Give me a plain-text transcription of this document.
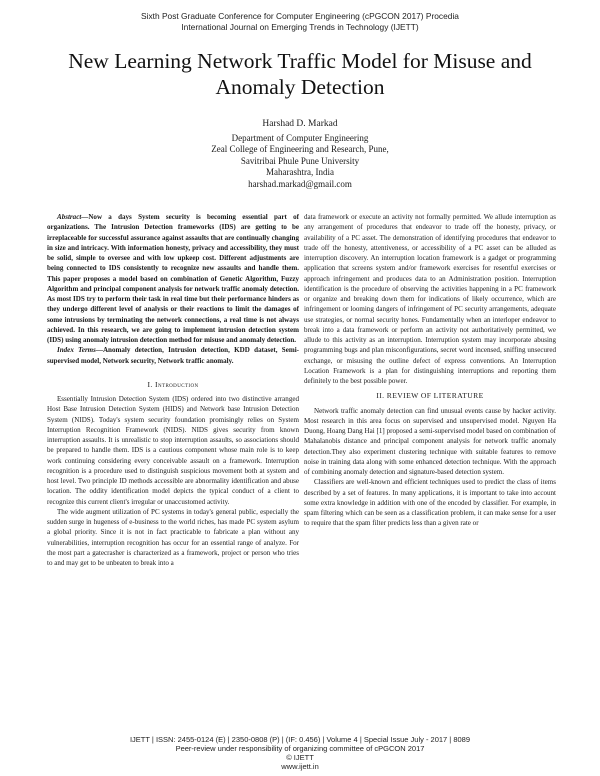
Sixth Post Graduate Conference for Computer Engineering (cPGCON 2017) Procedia
International Journal on Emerging Trends in Technology (IJETT)
New Learning Network Traffic Model for Misuse and Anomaly Detection
Harshad D. Markad
Department of Computer Engineering
Zeal College of Engineering and Research, Pune,
Savitribai Phule Pune University
Maharashtra, India
harshad.markad@gmail.com

Abstract—Now a days System security is becoming essential part of organizations. The Intrusion Detection frameworks (IDS) are getting to be irreplaceable for successful assurance against assaults that are continually changing in size and intricacy. With information honesty, privacy and accessibility, they must be solid, simple to oversee and with low upkeep cost. Different adjustments are being connected to IDS consistently to recognize new assaults and handle them. This paper proposes a model based on combination of Genetic Algorithm, Fuzzy Algorithm and principal component analysis for network traffic anomaly detection. As most IDS try to perform their task in real time but their performance hinders as they undergo different level of analysis or their reactions to limit the damages of some intrusions by terminating the network connections, a real time is not always achieved. In this research, we are going to implement intrusion detection system (IDS) using anomaly intrusion detection method for misuse and anomaly detection.

Index Terms—Anomaly detection, Intrusion detection, KDD dataset, Semi-supervised model, Network security, Network traffic anomaly.

I. Introduction

Essentially Intrusion Detection System (IDS) ordered into two distinctive arranged Host Base Intrusion Detection System (HIDS) and Network base Intrusion Detection System (NIDS). Today's system security foundation promisingly relies on System Interruption Recognition Framework (NIDS). NIDS gives security from known interruption assaults. It is unrealistic to stop interruption assaults, so associations should be prepared to handle them. IDS is a cautious component whose main role is to keep work continuing considering every conceivable assault on a framework. Interruption recognition is a procedure used to distinguish suspicious movement both at system and host level. Two principle ID methods accessible are abnormality identification and abuse location. The oddity identification model depicts the typical conduct of a client to recognize this current client's irregular or unaccustomed activity.

The wide augment utilization of PC systems in today's general public, especially the sudden surge in hugeness of e-business to the world riches, has made PC system asylum a global priority. Since it is not in fact practicable to fabricate a plan without any vulnerabilities, interruption recognition has occur for an essential range of analyze. For the most part a gatecrasher is characterized as a framework, project or person who tries to and may get to be unbeaten to break into a

data framework or execute an activity not formally permitted. We allude interruption as any arrangement of procedures that endeavor to trade off the honesty, privacy, or availability of a PC asset. The demonstration of identifying procedures that endeavor to trade off the honesty, attentiveness, or accessibility of a PC asset can be alluded as interruption discovery. An interruption location framework is a gadget or programming application that screens system and/or framework exercises for resentful exercises or approach infringement and produces data to an Administration position. Interruption identification is the procedure of observing the activities happening in a PC framework or organize and breaking down them for indications of likely occurrence, which are infringement or looming dangers of infringement of PC security arrangements, adequate use strategies, or normal security hones. Fundamentally when an interloper endeavor to break into a data framework or perform an activity not authoritatively permitted, we allude to this activity as an interruption. Interruption system may incorporate abusing programming bugs and plan misconfigurations, secret word incensed, sniffing unsecured exchange, or misusing the outline defect of express conventions. An Interruption Location Framework is a plan for distinguishing interruptions and reporting them definitely to the best possible power.

II. REVIEW OF LITERATURE

Network traffic anomaly detection can find unusual events cause by hacker activity. Most research in this area focus on supervised and unsupervised model. Nguyen Ha Duong, Hoang Dang Hai [1] proposed a semi-supervised model based on combination of Mahalanobis distance and principal component analysis for network traffic anomaly detection.They also experiment clustering technique with suitable features to remove noise in training data along with some enhanced detection technique. With the approach of combining anomaly detection and signature-based detection system.

Classifiers are well-known and efficient techniques used to predict the class of items described by a set of features. In many applications, it is important to take into account some extra knowledge in addition with one of the encoded by classifier. For example, in spam filtering which can be seen as a classification problem, it can make sense for a user to require that the spam filter predicts less than a given rate or

IJETT | ISSN: 2455-0124 (E) | 2350-0808 (P) | (IF: 0.456) | Volume 4 | Special Issue July - 2017 | 8089
Peer-review under responsibility of organizing committee of cPGCON 2017
© IJETT
www.ijett.in
